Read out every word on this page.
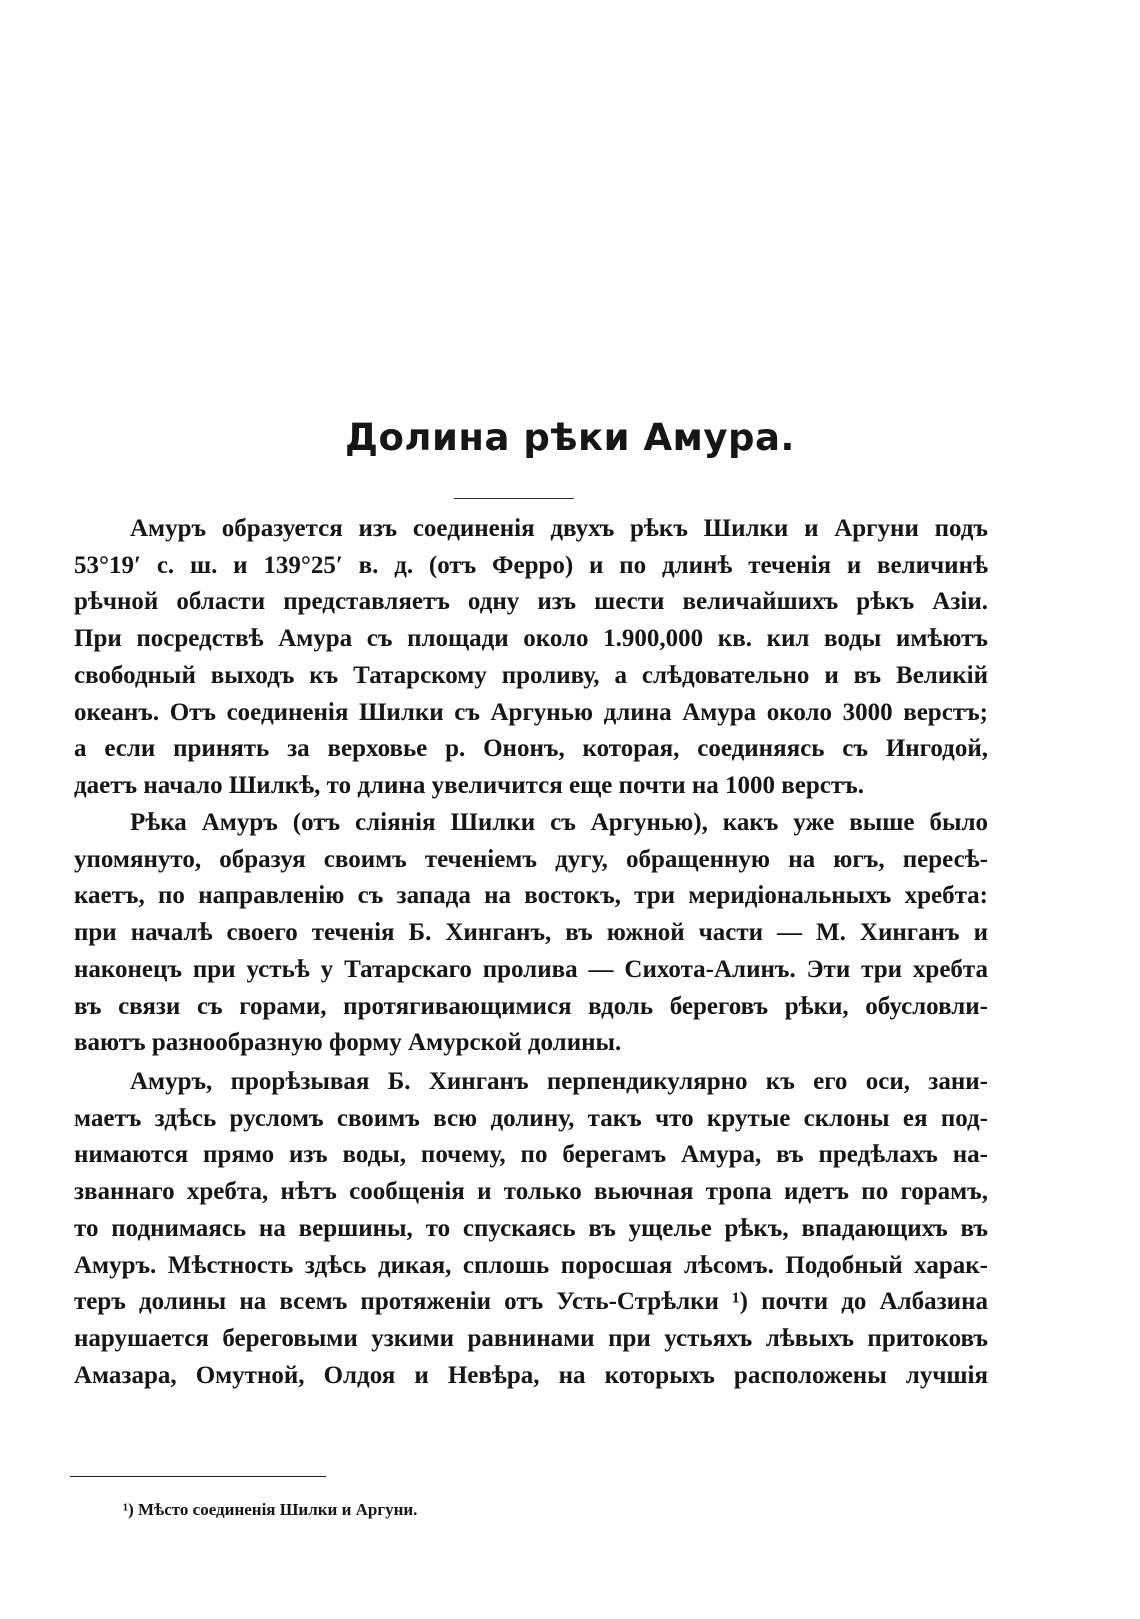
Долина рѣки Амура.
Амуръ образуется изъ соединенія двухъ рѣкъ Шилки и Аргуни подъ
53°19′ с. ш. и 139°25′ в. д. (отъ Ферро) и по длинѣ теченія и величинѣ
рѣчной области представляетъ одну изъ шести величайшихъ рѣкъ Азіи.
При посредствѣ Амура съ площади около 1.900,000 кв. кил воды имѣютъ
свободный выходъ къ Татарскому проливу, а слѣдовательно и въ Великій
океанъ. Отъ соединенія Шилки съ Аргунью длина Амура около 3000 верстъ;
а если принять за верховье р. Ононъ, которая, соединяясь съ Ингодой,
даетъ начало Шилкѣ, то длина увеличится еще почти на 1000 верстъ.
Рѣка Амуръ (отъ сліянія Шилки съ Аргунью), какъ уже выше было
упомянуто, образуя своимъ теченіемъ дугу, обращенную на югъ, пересѣ-
каетъ, по направленію съ запада на востокъ, три меридіональныхъ хребта:
при началѣ своего теченія Б. Хинганъ, въ южной части — М. Хинганъ и
наконецъ при устьѣ у Татарскаго пролива — Сихота-Алинъ. Эти три хребта
въ связи съ горами, протягивающимися вдоль береговъ рѣки, обусловли-
ваютъ разнообразную форму Амурской долины.
Амуръ, прорѣзывая Б. Хинганъ перпендикулярно къ его оси, зани-
маетъ здѣсь русломъ своимъ всю долину, такъ что крутые склоны ея под-
нимаются прямо изъ воды, почему, по берегамъ Амура, въ предѣлахъ на-
званнаго хребта, нѣтъ сообщенія и только вьючная тропа идетъ по горамъ,
то поднимаясь на вершины, то спускаясь въ ущелье рѣкъ, впадающихъ въ
Амуръ. Мѣстность здѣсь дикая, сплошь поросшая лѣсомъ. Подобный харак-
теръ долины на всемъ протяженіи отъ Усть-Стрѣлки ¹) почти до Албазина
нарушается береговыми узкими равнинами при устьяхъ лѣвыхъ притоковъ
Амазара, Омутной, Олдоя и Невѣра, на которыхъ расположены лучшія
¹) Мѣсто соединенія Шилки и Аргуни.
